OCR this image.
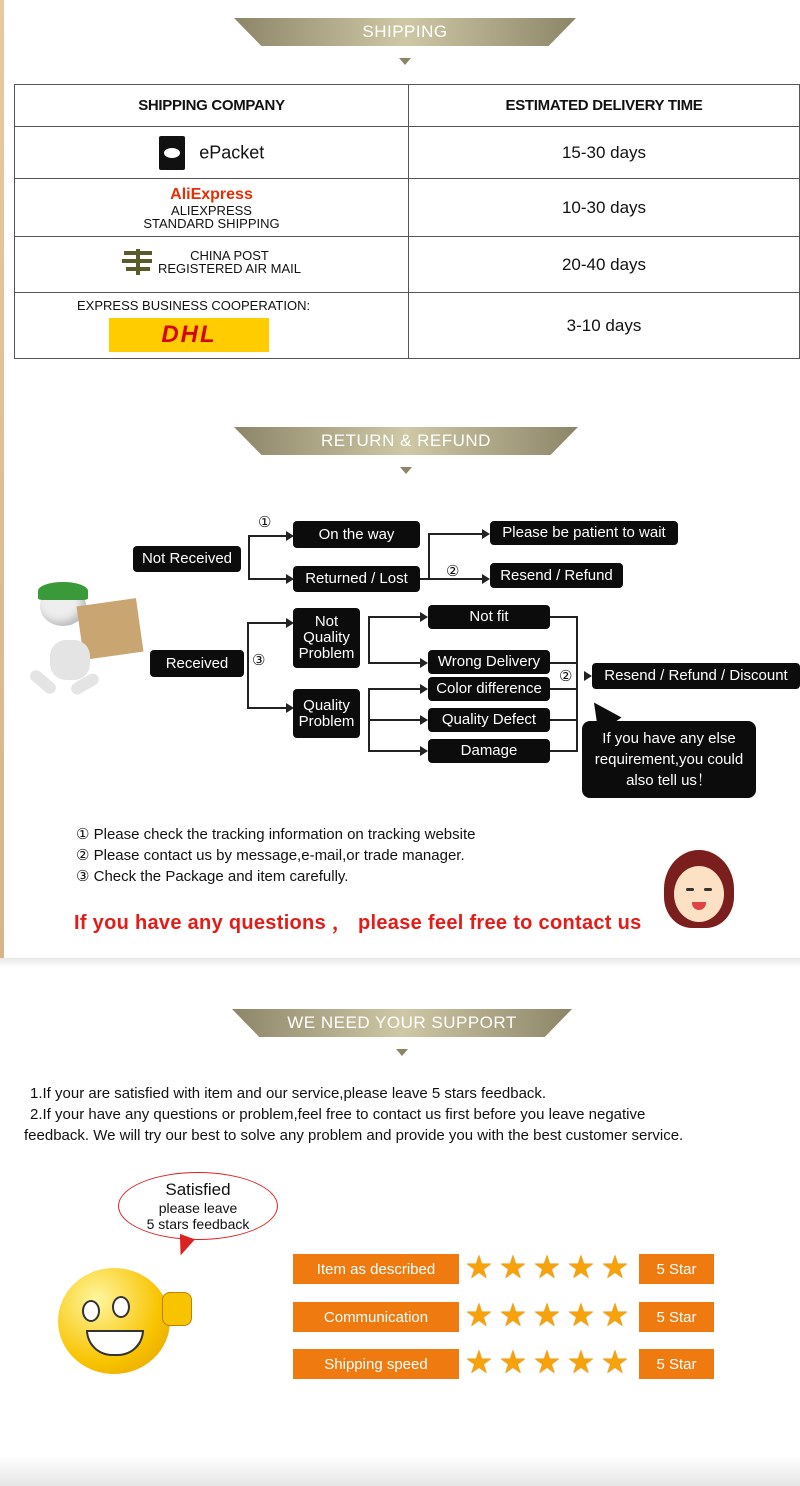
SHIPPING
SHIPPING COMPANY	ESTIMATED DELIVERY TIME

ePacket	15-30 days

AliExpress
ALIEXPRESS
STANDARD SHIPPING	10-30 days

CHINA POST
REGISTERED AIR MAIL	20-40 days

EXPRESS BUSINESS COOPERATION:
DHL	3-10 days
RETURN & REFUND
①
②
③
②
Not Received
On the way
Returned / Lost
Please be patient to wait
Resend / Refund
Received
Not Quality Problem
Quality Problem
Not fit
Wrong Delivery
Color difference
Quality Defect
Damage
Resend / Refund / Discount
If you have any else requirement,you could also tell us！
① Please check the tracking information on tracking website
② Please contact us by message,e-mail,or trade manager.
③ Check the Package and item carefully.
If you have any questions ， please feel free to contact us
WE NEED YOUR SUPPORT

1.If your are satisfied with item and our service,please leave 5 stars feedback.

2.If your have any questions or problem,feel free to contact us first before you leave negative

feedback. We will try our best to solve any problem and provide you with the best customer service.

Satisfied
please leave
5 stars feedback
Item as described ★ ★ ★ ★ ★	5 Star
Communication	★ ★ ★ ★ ★	5 Star
Shipping speed	★ ★ ★ ★ ★	5 Star
